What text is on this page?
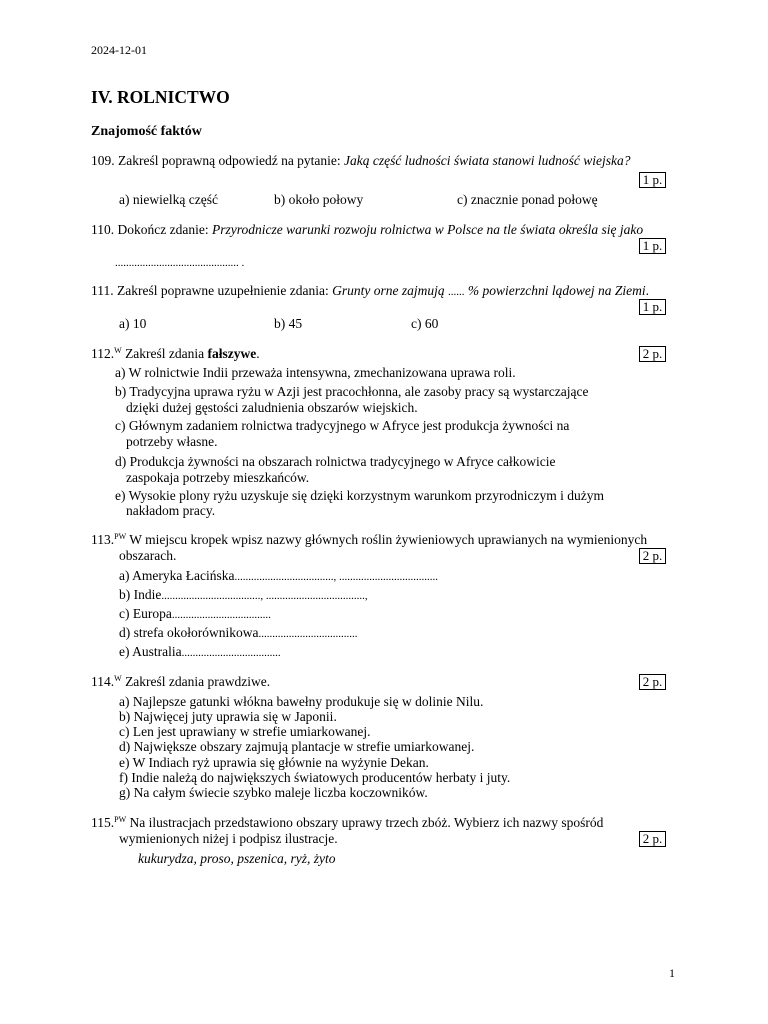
2024-12-01
IV. ROLNICTWO
Znajomość faktów
109. Zakreśl poprawną odpowiedź na pytanie: Jaką część ludności świata stanowi ludność wiejska?
1 p.
a) niewielką część	b) około połowy	c) znacznie ponad połowę
110. Dokończ zdanie: Przyrodnicze warunki rozwoju rolnictwa w Polsce na tle świata określa się jako
1 p.
............................................. .
111. Zakreśl poprawne uzupełnienie zdania: Grunty orne zajmują ...... % powierzchni lądowej na Ziemi.
1 p.
a) 10	b) 45	c) 60
112.$^W$ Zakreśl zdania fałszywe.	2 p.
a) W rolnictwie Indii przeważa intensywna, zmechanizowana uprawa roli.
b) Tradycyjna uprawa ryżu w Azji jest pracochłonna, ale zasoby pracy są wystarczające
dzięki dużej gęstości zaludnienia obszarów wiejskich.
c) Głównym zadaniem rolnictwa tradycyjnego w Afryce jest produkcja żywności na
potrzeby własne.
d) Produkcja żywności na obszarach rolnictwa tradycyjnego w Afryce całkowicie
zaspokaja potrzeby mieszkańców.
e) Wysokie plony ryżu uzyskuje się dzięki korzystnym warunkom przyrodniczym i dużym
nakładom pracy.
113.$^{PW}$ W miejscu kropek wpisz nazwy głównych roślin żywieniowych uprawianych na wymienionych
obszarach.	2 p.
a) Ameryka Łacińska...................................., ....................................
b) Indie...................................., ....................................,
c) Europa....................................
d) strefa okołorównikowa....................................
e) Australia....................................
114.$^W$ Zakreśl zdania prawdziwe.	2 p.
a) Najlepsze gatunki włókna bawełny produkuje się w dolinie Nilu.
b) Najwięcej juty uprawia się w Japonii.
c) Len jest uprawiany w strefie umiarkowanej.
d) Największe obszary zajmują plantacje w strefie umiarkowanej.
e) W Indiach ryż uprawia się głównie na wyżynie Dekan.
f) Indie należą do największych światowych producentów herbaty i juty.
g) Na całym świecie szybko maleje liczba koczowników.
115.$^{PW}$ Na ilustracjach przedstawiono obszary uprawy trzech zbóż. Wybierz ich nazwy spośród
wymienionych niżej i podpisz ilustracje.	2 p.
kukurydza, proso, pszenica, ryż, żyto
1
